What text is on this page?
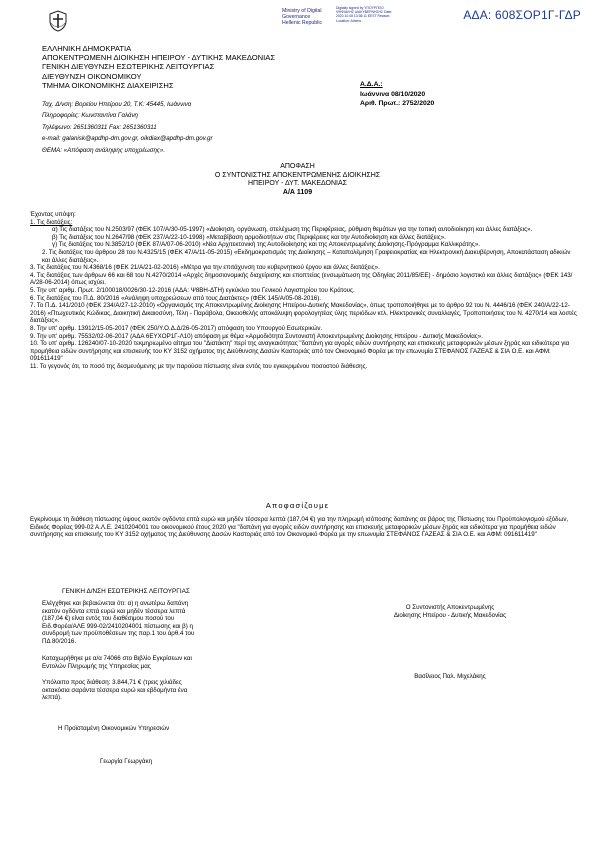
ΑΔΑ: 608ΣΟΡ1Γ-ΓΔΡ
Ministry of Digital
Governance
Hellenic Republic
Digitally signed by ΥΠΟΥΡΓΕΙΟ ΨΗΦΙΑΚΗΣ ΔΙΑΚΥΒΕΡΝΗΣΗΣ Date: 2020.10.08 13:36:11 EEST Reason: Location: Athens
ΕΛΛΗΝΙΚΗ ΔΗΜΟΚΡΑΤΙΑ
ΑΠΟΚΕΝΤΡΩΜΕΝΗ ΔΙΟΙΚΗΣΗ ΗΠΕΙΡΟΥ - ΔΥΤΙΚΗΣ ΜΑΚΕΔΟΝΙΑΣ
ΓΕΝΙΚΗ ΔΙΕΥΘΥΝΣΗ ΕΣΩΤΕΡΙΚΗΣ ΛΕΙΤΟΥΡΓΙΑΣ
ΔΙΕΥΘΥΝΣΗ ΟΙΚΟΝΟΜΙΚΟΥ
ΤΜΗΜΑ ΟΙΚΟΝΟΜΙΚΗΣ ΔΙΑΧΕΙΡΙΣΗΣ
Ταχ. Δ/νση: Βορείου Ηπείρου 20, Τ.Κ: 45445, Ιωάννινα
Πληροφορίες: Κωνσταντίνα Γαλάνη
Τηλέφωνο: 2651360311 Fax: 2651360311
e-mail: galanisk@apdhp-dm.gov.gr, oikdiax@apdhp-dm.gov.gr
ΘΕΜΑ: «Απόφαση ανάληψης υποχρέωσης».
Α.Δ.Α.:
Ιωάννινα 08/10/2020
Αριθ. Πρωτ.: 2752/2020
ΑΠΟΦΑΣΗ
Ο ΣΥΝΤΟΝΙΣΤΗΣ ΑΠΟΚΕΝΤΡΩΜΕΝΗΣ ΔΙΟΙΚΗΣΗΣ
ΗΠΕΙΡΟΥ - ΔΥΤ. ΜΑΚΕΔΟΝΙΑΣ
Α/Α 1109
Έχοντας υπόψη:
1. Τις διατάξεις:
α) Τις διατάξεις του Ν.2503/97 (ΦΕΚ 107/Α/30-05-1997) «Διοίκηση, οργάνωση, στελέχωση της Περιφέρειας, ρύθμιση θεμάτων για την τοπική αυτοδιοίκηση και άλλες διατάξεις».
β) Τις διατάξεις του Ν.2647/98 (ΦΕΚ 237/Α/22-10-1998) «Μεταβίβαση αρμοδιοτήτων στις Περιφέρειες και την Αυτοδιοίκηση και άλλες διατάξεις».
γ) Τις διατάξεις του Ν.3852/10 (ΦΕΚ 87/Α/07-06-2010) «Νέα Αρχιτεκτονική της Αυτοδιοίκησης και της Αποκεντρωμένης Διοίκησης-Πρόγραμμα Καλλικράτης».
2. Τις διατάξεις του άρθρου 28 του Ν.4325/15 (ΦΕΚ 47/Α/11-05-2015) «Εκδημοκρατισμός της Διοίκησης – Καταπολέμηση Γραφειοκρατίας και Ηλεκτρονική Διακυβέρνηση, Αποκατάσταση αδικιών και άλλες διατάξεις».
3. Τις διατάξεις του Ν.4368/16 (ΦΕΚ 21/Α/21-02-2016) «Μέτρα για την επιτάχυνση του κυβερνητικού έργου και άλλες διατάξεις».
4. Τις διατάξεις των άρθρων 66 και 68 του Ν.4270/2014 «Αρχές δημοσιονομικής διαχείρισης και εποπτείας (ενσωμάτωση της Οδηγίας 2011/85/ΕΕ) - δημόσιο λογιστικό και άλλες διατάξεις» (ΦΕΚ 143/Α/28-06-2014) όπως ισχύει.
5. Την υπ' αριθμ. Πρωτ. 2/100018/0026/30-12-2016 (ΑΔΑ: Ψ8ΒΗ-ΔΤΗ) εγκύκλιο του Γενικού Λογιστηρίου του Κράτους.
6. Τις διατάξεις του Π.Δ. 80/2016 «Ανάληψη υποχρεώσεων από τους Διατάκτες» (ΦΕΚ 145/Α/05-08-2016).
7. Το Π.Δ. 141/2010 (ΦΕΚ 234/Α/27-12-2010) «Οργανισμός της Αποκεντρωμένης Διοίκησης Ηπείρου-Δυτικής Μακεδονίας», όπως τροποποιήθηκε με το άρθρο 92 του Ν. 4446/16 (ΦΕΚ 240/Α/22-12-2016) «Πτωχευτικός Κώδικας, Διοικητική Δικαιοσύνη, Τέλη - Παράβολα, Οικειοθελής αποκάλυψη φορολογητέας ύλης περιόδων κτλ, Ηλεκτρονικές συναλλαγές, Τροποποιήσεις του Ν. 4270/14 και λοιπές διατάξεις».
8. Την υπ' αριθμ. 13912/15-05-2017 (ΦΕΚ 250/Υ.Ο.Δ.Δ/26-05-2017) απόφαση του Υπουργού Εσωτερικών.
9. Την υπ' αριθμ. 75532/02-06-2017 (ΑΔΑ 6ΕΥΧΟΡ1Γ-Λ10) απόφαση με θέμα «Αρμοδιότητα Συντονιστή Αποκεντρωμένης Διοίκησης Ηπείρου - Δυτικής Μακεδονίας».
10. Το υπ' αριθμ. 126240/07-10-2020 τεκμηριωμένο αίτημα του "Διατάκτη" περί της αναγκαιότητας "δαπάνη για αγορές ειδών συντήρησης και επισκευής μεταφορικών μέσων ξηράς και ειδικότερα για προμήθεια ειδών συντήρησης και επισκευής του ΚΥ 3152 οχήματος της Διεύθυνσης Δασών Καστοριάς από τον Οικονομικό Φορέα με την επωνυμία ΣΤΕΦΑΝΟΣ ΓΑΖΕΑΣ & ΣΙΑ Ο.Ε. και ΑΦΜ: 091611419"
11. Το γεγονός ότι, το ποσό της δεσμευόμενης με την παρούσα πίστωσης είναι εντός του εγκεκριμένου ποσοστού διάθεσης.
Αποφασίζουμε
Εγκρίνουμε τη διάθεση πίστωσης ύψους εκατόν ογδόντα επτά ευρώ και μηδέν τέσσερα λεπτά (187,04 €) για την πληρωμή ισόποσης δαπάνης σε βάρος της Πίστωσης του Προϋπολογισμού εξόδων, Ειδικός Φορέας 999-02 Α.Λ.Ε. 2410204001 του οικονομικού έτους 2020 για "δαπάνη για αγορές ειδών συντήρησης και επισκευής μεταφορικών μέσων ξηράς και ειδικότερα για προμήθεια ειδών συντήρησης και επισκευής του ΚΥ 3152 οχήματος της Διεύθυνσης Δασών Καστοριάς από τον Οικονομικό Φορέα με την επωνυμία ΣΤΕΦΑΝΟΣ ΓΑΖΕΑΣ & ΣΙΑ Ο.Ε. και ΑΦΜ: 091611419"
ΓΕΝΙΚΗ Δ/ΝΣΗ ΕΣΩΤΕΡΙΚΗΣ ΛΕΙΤΟΥΡΓΙΑΣ
Ελέγχθηκε και βεβαιώνεται ότι: α) η ανωτέρω δαπάνη εκατόν ογδόντα επτά ευρώ και μηδέν τέσσερα λεπτά (187,04 €) είναι εντός του διαθέσιμου ποσού του Ειδ.Φορέα/ΑΛΕ 999-02/2410204001 πίστωσης και β) η συνδρομή των προϋποθέσεων της παρ.1 του άρθ.4 του ΠΔ 80/2016.
Καταχωρήθηκε με α/α 74066 στο Βιβλίο Εγκρίσεων και Εντολών Πληρωμής της Υπηρεσίας μας
Υπόλοιπο προς διάθεση: 3.844,71 € (τρεις χιλιάδες οκτακόσια σαράντα τέσσερα ευρώ και εβδομήντα ένα λεπτά).
Η Προϊσταμένη Οικονομικών Υπηρεσιών
Γεωργία Γεωργάκη
Ο Συντονιστής Αποκεντρωμένης
Διοίκησης Ηπείρου - Δυτικής Μακεδονίας
Βασίλειος Παλ. Μιχελάκης
